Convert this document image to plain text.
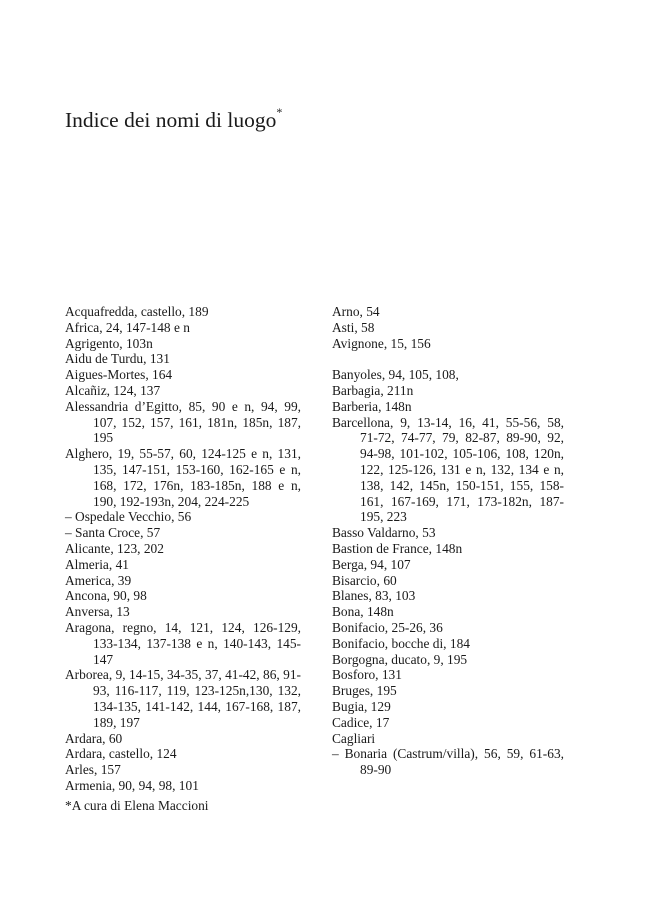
Indice dei nomi di luogo*
Acquafredda, castello, 189
Africa, 24, 147-148 e n
Agrigento, 103n
Aidu de Turdu, 131
Aigues-Mortes, 164
Alcañiz, 124, 137
Alessandria d’Egitto, 85, 90 e n, 94, 99, 107, 152, 157, 161, 181n, 185n, 187, 195
Alghero, 19, 55-57, 60, 124-125 e n, 131, 135, 147-151, 153-160, 162-165 e n, 168, 172, 176n, 183-185n, 188 e n, 190, 192-193n, 204, 224-225
– Ospedale Vecchio, 56
– Santa Croce, 57
Alicante, 123, 202
Almeria, 41
America, 39
Ancona, 90, 98
Anversa, 13
Aragona, regno, 14, 121, 124, 126-129, 133-134, 137-138 e n, 140-143, 145-147
Arborea, 9, 14-15, 34-35, 37, 41-42, 86, 91-93, 116-117, 119, 123-125n,130, 132, 134-135, 141-142, 144, 167-168, 187, 189, 197
Ardara, 60
Ardara, castello, 124
Arles, 157
Armenia, 90, 94, 98, 101
Arno, 54
Asti, 58
Avignone, 15, 156
Banyoles, 94, 105, 108,
Barbagia, 211n
Barberia, 148n
Barcellona, 9, 13-14, 16, 41, 55-56, 58, 71-72, 74-77, 79, 82-87, 89-90, 92, 94-98, 101-102, 105-106, 108, 120n, 122, 125-126, 131 e n, 132, 134 e n, 138, 142, 145n, 150-151, 155, 158-161, 167-169, 171, 173-182n, 187-195, 223
Basso Valdarno, 53
Bastion de France, 148n
Berga, 94, 107
Bisarcio, 60
Blanes, 83, 103
Bona, 148n
Bonifacio, 25-26, 36
Bonifacio, bocche di, 184
Borgogna, ducato, 9, 195
Bosforo, 131
Bruges, 195
Bugia, 129
Cadice, 17
Cagliari
– Bonaria (Castrum/villa), 56, 59, 61-63, 89-90
*A cura di Elena Maccioni
